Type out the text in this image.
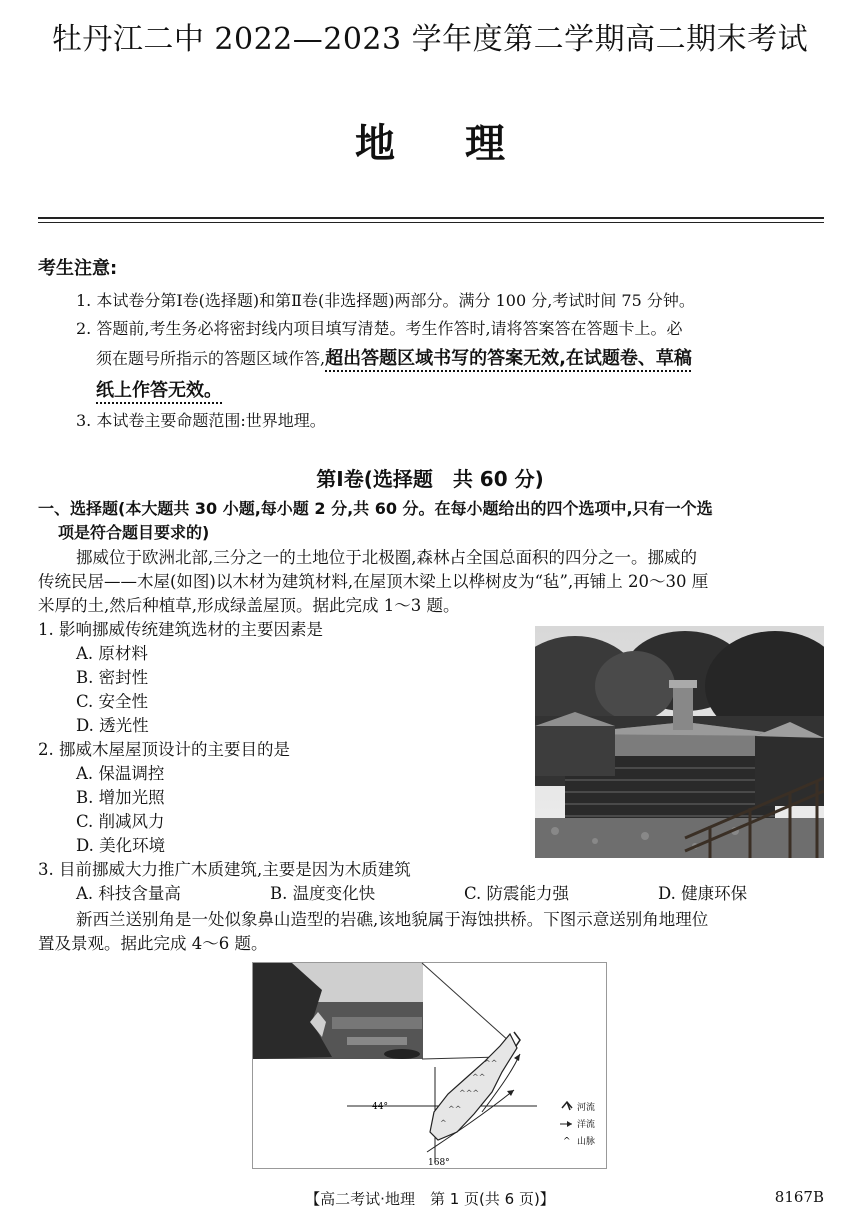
牡丹江二中 2022—2023 学年度第二学期高二期末考试
地理
考生注意:
1. 本试卷分第Ⅰ卷(选择题)和第Ⅱ卷(非选择题)两部分。满分 100 分,考试时间 75 分钟。
2. 答题前,考生务必将密封线内项目填写清楚。考生作答时,请将答案答在答题卡上。必
须在题号所指示的答题区域作答,超出答题区域书写的答案无效,在试题卷、草稿
纸上作答无效。
3. 本试卷主要命题范围:世界地理。
第Ⅰ卷(选择题　共 60 分)
一、选择题(本大题共 30 小题,每小题 2 分,共 60 分。在每小题给出的四个选项中,只有一个选
项是符合题目要求的)
挪威位于欧洲北部,三分之一的土地位于北极圈,森林占全国总面积的四分之一。挪威的
传统民居——木屋(如图)以木材为建筑材料,在屋顶木梁上以桦树皮为“毡”,再铺上 20～30 厘
米厚的土,然后种植草,形成绿盖屋顶。据此完成 1～3 题。
1. 影响挪威传统建筑选材的主要因素是
A. 原材料
B. 密封性
C. 安全性
D. 透光性
2. 挪威木屋屋顶设计的主要目的是
A. 保温调控
B. 增加光照
C. 削减风力
D. 美化环境
3. 目前挪威大力推广木质建筑,主要是因为木质建筑
A. 科技含量高	B. 温度变化快	C. 防震能力强	D. 健康环保
新西兰送别角是一处似象鼻山造型的岩礁,该地貌属于海蚀拱桥。下图示意送别角地理位
置及景观。据此完成 4～6 题。
^^
^^
^^^
^^
^
44°
168°
河流
洋流
^ 山脉
【高二考试·地理　第 1 页(共 6 页)】	8167B
